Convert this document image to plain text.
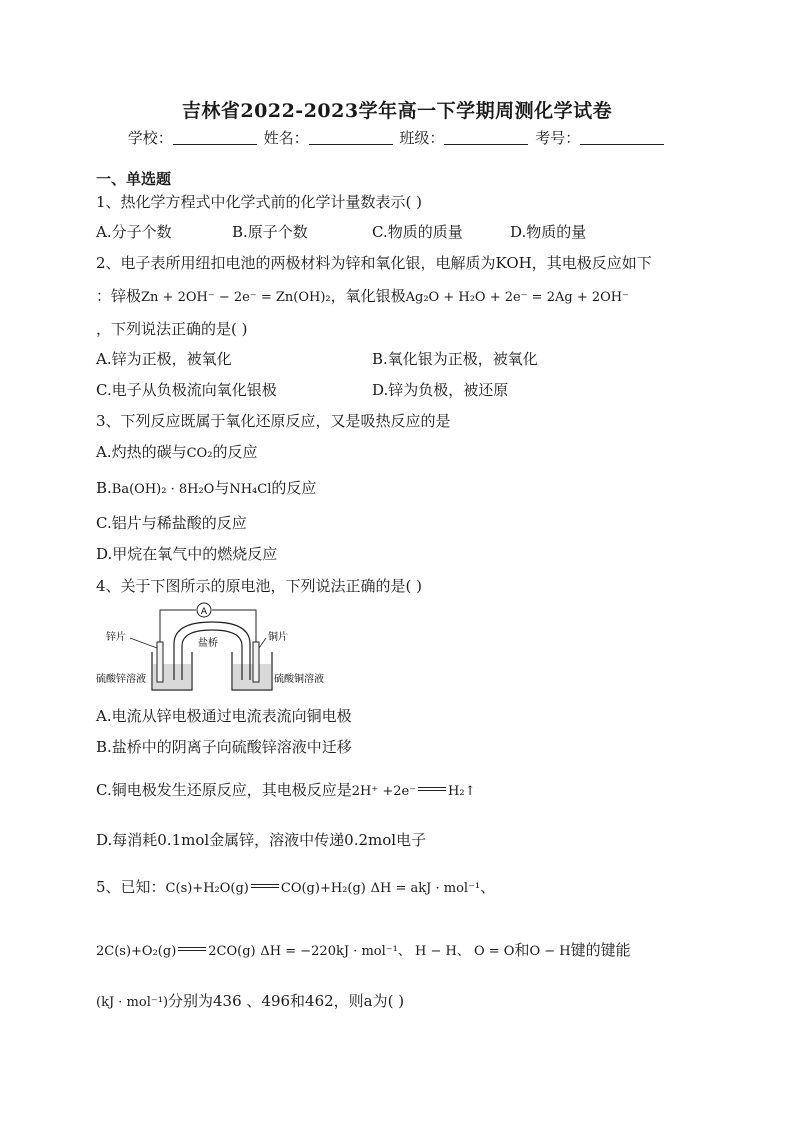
吉林省2022-2023学年高一下学期周测化学试卷
学校：	姓名：	班级：	考号：
一、单选题
1、热化学方程式中化学式前的化学计量数表示( )
A.分子个数	B.原子个数	C.物质的质量	D.物质的量
2、电子表所用纽扣电池的两极材料为锌和氧化银，电解质为KOH，其电极反应如下
：锌极Zn + 2OH⁻ − 2e⁻ = Zn(OH)₂，氧化银极Ag₂O + H₂O + 2e⁻ = 2Ag + 2OH⁻
，下列说法正确的是( )
A.锌为正极，被氧化	B.氧化银为正极，被氧化
C.电子从负极流向氧化银极	D.锌为负极，被还原
3、下列反应既属于氧化还原反应，又是吸热反应的是
A.灼热的碳与CO₂的反应
B.Ba(OH)₂ · 8H₂O与NH₄Cl的反应
C.铝片与稀盐酸的反应
D.甲烷在氧气中的燃烧反应
4、关于下图所示的原电池，下列说法正确的是( )
A
锌片
盐桥
铜片
硫酸锌溶液	硫酸铜溶液
A.电流从锌电极通过电流表流向铜电极
B.盐桥中的阴离子向硫酸锌溶液中迁移
C.铜电极发生还原反应，其电极反应是2H⁺ +2e⁻ H₂↑
D.每消耗0.1mol金属锌，溶液中传递0.2mol电子
5、已知：C(s)+H₂O(g) CO(g)+H₂(g) ΔH = akJ · mol⁻¹、
2C(s)+O₂(g) 2CO(g) ΔH = −220kJ · mol⁻¹、 H − H、 O = O和O − H键的键能
(kJ · mol⁻¹)分别为436 、496和462，则a为( )
